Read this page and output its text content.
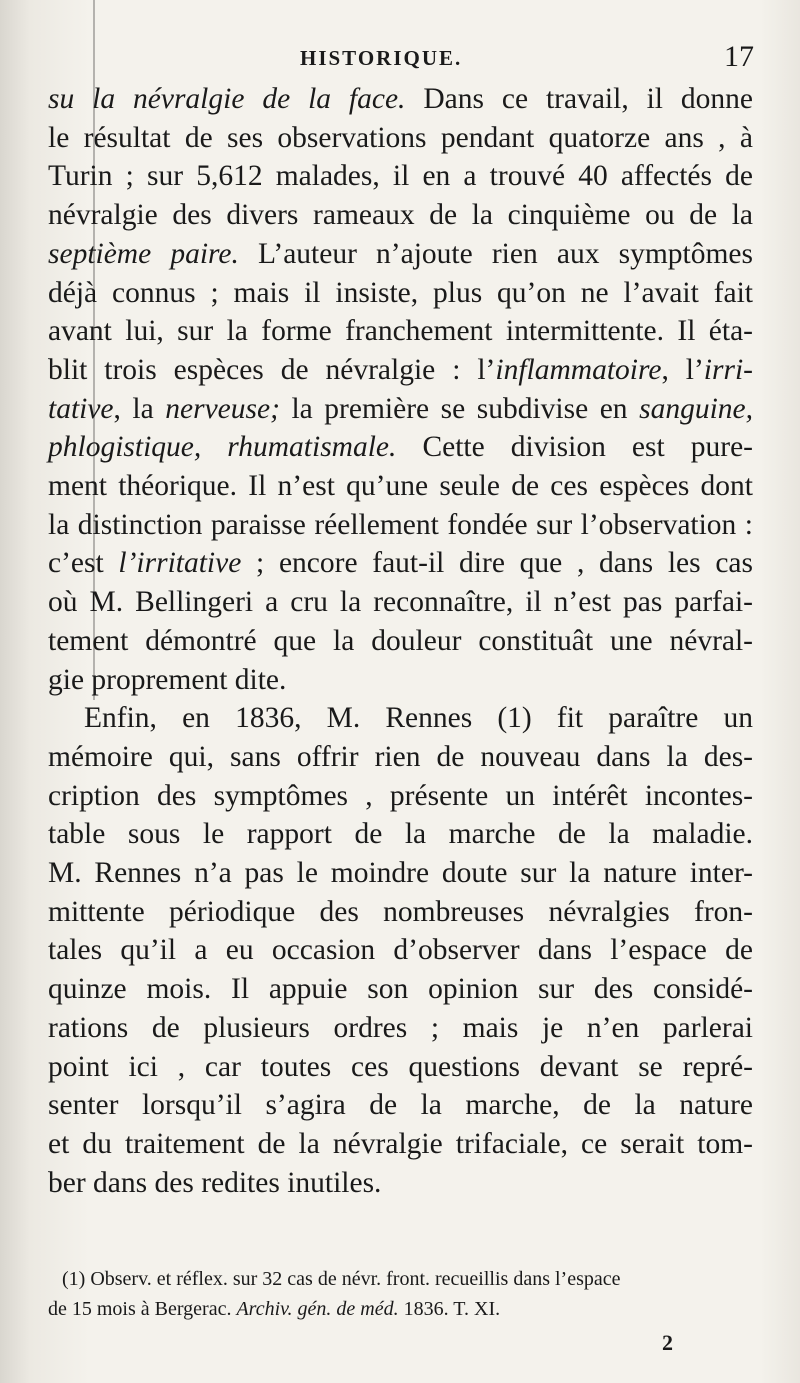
HISTORIQUE.	17
su la névralgie de la face. Dans ce travail, il donne
le résultat de ses observations pendant quatorze ans , à
Turin ; sur 5,612 malades, il en a trouvé 40 affectés de
névralgie des divers rameaux de la cinquième ou de la
septième paire. L’auteur n’ajoute rien aux symptômes
déjà connus ; mais il insiste, plus qu’on ne l’avait fait
avant lui, sur la forme franchement intermittente. Il éta-
blit trois espèces de névralgie : l’inflammatoire, l’irri-
tative, la nerveuse; la première se subdivise en sanguine,
phlogistique, rhumatismale. Cette division est pure-
ment théorique. Il n’est qu’une seule de ces espèces dont
la distinction paraisse réellement fondée sur l’observation :
c’est l’irritative ; encore faut-il dire que , dans les cas
où M. Bellingeri a cru la reconnaître, il n’est pas parfai-
tement démontré que la douleur constituât une névral-
gie proprement dite.
Enfin, en 1836, M. Rennes (1) fit paraître un
mémoire qui, sans offrir rien de nouveau dans la des-
cription des symptômes , présente un intérêt incontes-
table sous le rapport de la marche de la maladie.
M. Rennes n’a pas le moindre doute sur la nature inter-
mittente périodique des nombreuses névralgies fron-
tales qu’il a eu occasion d’observer dans l’espace de
quinze mois. Il appuie son opinion sur des considé-
rations de plusieurs ordres ; mais je n’en parlerai
point ici , car toutes ces questions devant se repré-
senter lorsqu’il s’agira de la marche, de la nature
et du traitement de la névralgie trifaciale, ce serait tom-
ber dans des redites inutiles.
(1) Observ. et réflex. sur 32 cas de névr. front. recueillis dans l’espace
de 15 mois à Bergerac. Archiv. gén. de méd. 1836. T. XI.
2
